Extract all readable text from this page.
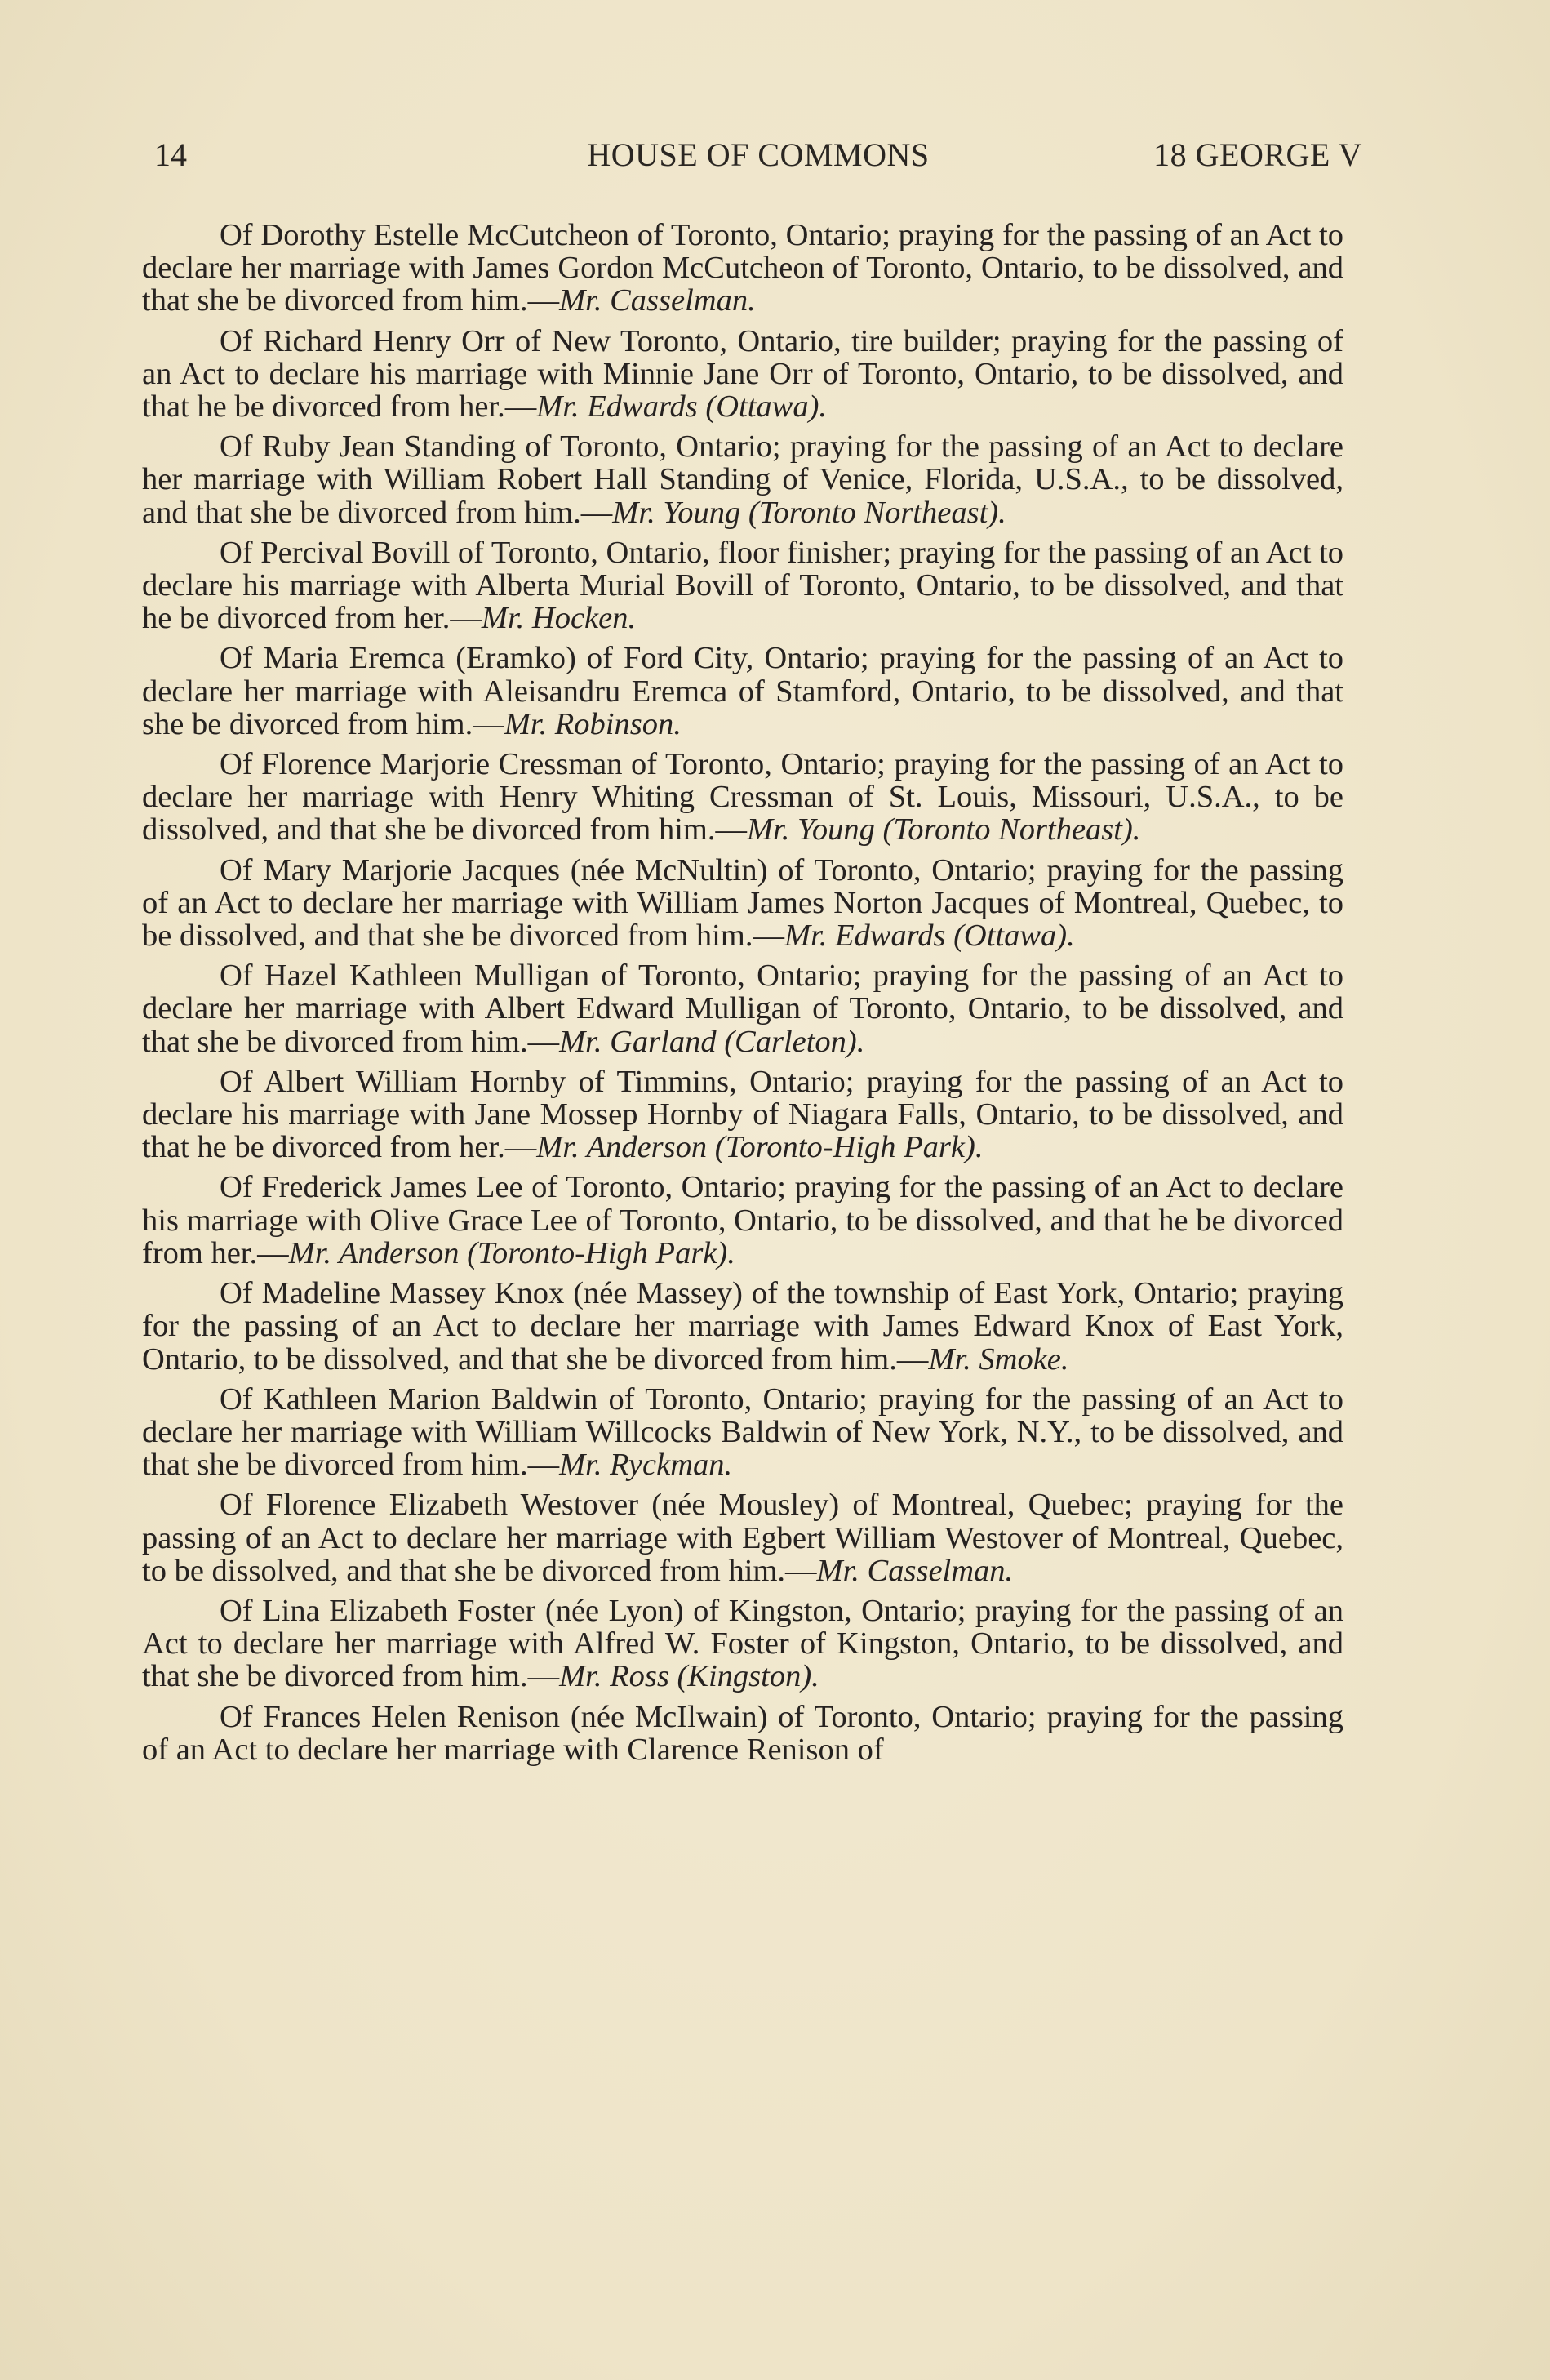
14	HOUSE OF COMMONS	18 GEORGE V

Of Dorothy Estelle McCutcheon of Toronto, Ontario; praying for the passing of an Act to declare her marriage with James Gordon McCutcheon of Toronto, Ontario, to be dissolved, and that she be divorced from him.—Mr. Casselman.

Of Richard Henry Orr of New Toronto, Ontario, tire builder; praying for the passing of an Act to declare his marriage with Minnie Jane Orr of Toronto, Ontario, to be dissolved, and that he be divorced from her.—Mr. Edwards (Ottawa).

Of Ruby Jean Standing of Toronto, Ontario; praying for the passing of an Act to declare her marriage with William Robert Hall Standing of Venice, Florida, U.S.A., to be dissolved, and that she be divorced from him.—Mr. Young (Toronto Northeast).

Of Percival Bovill of Toronto, Ontario, floor finisher; praying for the passing of an Act to declare his marriage with Alberta Murial Bovill of Toronto, Ontario, to be dissolved, and that he be divorced from her.—Mr. Hocken.

Of Maria Eremca (Eramko) of Ford City, Ontario; praying for the passing of an Act to declare her marriage with Aleisandru Eremca of Stamford, Ontario, to be dissolved, and that she be divorced from him.—Mr. Robinson.

Of Florence Marjorie Cressman of Toronto, Ontario; praying for the passing of an Act to declare her marriage with Henry Whiting Cressman of St. Louis, Missouri, U.S.A., to be dissolved, and that she be divorced from him.—Mr. Young (Toronto Northeast).

Of Mary Marjorie Jacques (née McNultin) of Toronto, Ontario; praying for the passing of an Act to declare her marriage with William James Norton Jacques of Montreal, Quebec, to be dissolved, and that she be divorced from him.—Mr. Edwards (Ottawa).

Of Hazel Kathleen Mulligan of Toronto, Ontario; praying for the passing of an Act to declare her marriage with Albert Edward Mulligan of Toronto, Ontario, to be dissolved, and that she be divorced from him.—Mr. Garland (Carleton).

Of Albert William Hornby of Timmins, Ontario; praying for the passing of an Act to declare his marriage with Jane Mossep Hornby of Niagara Falls, Ontario, to be dissolved, and that he be divorced from her.—Mr. Anderson (Toronto-High Park).

Of Frederick James Lee of Toronto, Ontario; praying for the passing of an Act to declare his marriage with Olive Grace Lee of Toronto, Ontario, to be dissolved, and that he be divorced from her.—Mr. Anderson (Toronto-High Park).

Of Madeline Massey Knox (née Massey) of the township of East York, Ontario; praying for the passing of an Act to declare her marriage with James Edward Knox of East York, Ontario, to be dissolved, and that she be divorced from him.—Mr. Smoke.

Of Kathleen Marion Baldwin of Toronto, Ontario; praying for the passing of an Act to declare her marriage with William Willcocks Baldwin of New York, N.Y., to be dissolved, and that she be divorced from him.—Mr. Ryckman.

Of Florence Elizabeth Westover (née Mousley) of Montreal, Quebec; praying for the passing of an Act to declare her marriage with Egbert William Westover of Montreal, Quebec, to be dissolved, and that she be divorced from him.—Mr. Casselman.

Of Lina Elizabeth Foster (née Lyon) of Kingston, Ontario; praying for the passing of an Act to declare her marriage with Alfred W. Foster of Kingston, Ontario, to be dissolved, and that she be divorced from him.—Mr. Ross (Kingston).

Of Frances Helen Renison (née McIlwain) of Toronto, Ontario; praying for the passing of an Act to declare her marriage with Clarence Renison of
